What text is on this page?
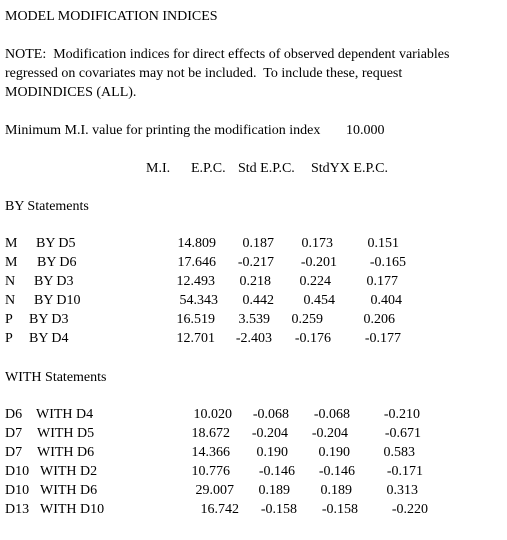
MODEL MODIFICATION INDICES
NOTE:  Modification indices for direct effects of observed dependent variables
regressed on covariates may not be included.  To include these, request
MODINDICES (ALL).
Minimum M.I. value for printing the modification index 10.000
M.I. E.P.C. Std E.P.C. StdYX E.P.C.
BY Statements
M BY D5	14.809 0.187 0.173 0.151
M BY D6	17.646 -0.217 -0.201 -0.165
N BY D3	12.493 0.218 0.224	0.177
N BY D10	54.343 0.442 0.454	0.404
P BY D3	16.519 3.539 0.259	0.206
P BY D4	12.701 -2.403 -0.176 -0.177
WITH Statements
D6 WITH D4	10.020 -0.068 -0.068 -0.210
D7 WITH D5	18.672 -0.204 -0.204	-0.671
D7 WITH D6	14.366 0.190 0.190 0.583
D10 WITH D2	10.776 -0.146 -0.146 -0.171
D10 WITH D6	29.007 0.189 0.189 0.313
D13 WITH D10	16.742 -0.158 -0.158 -0.220
